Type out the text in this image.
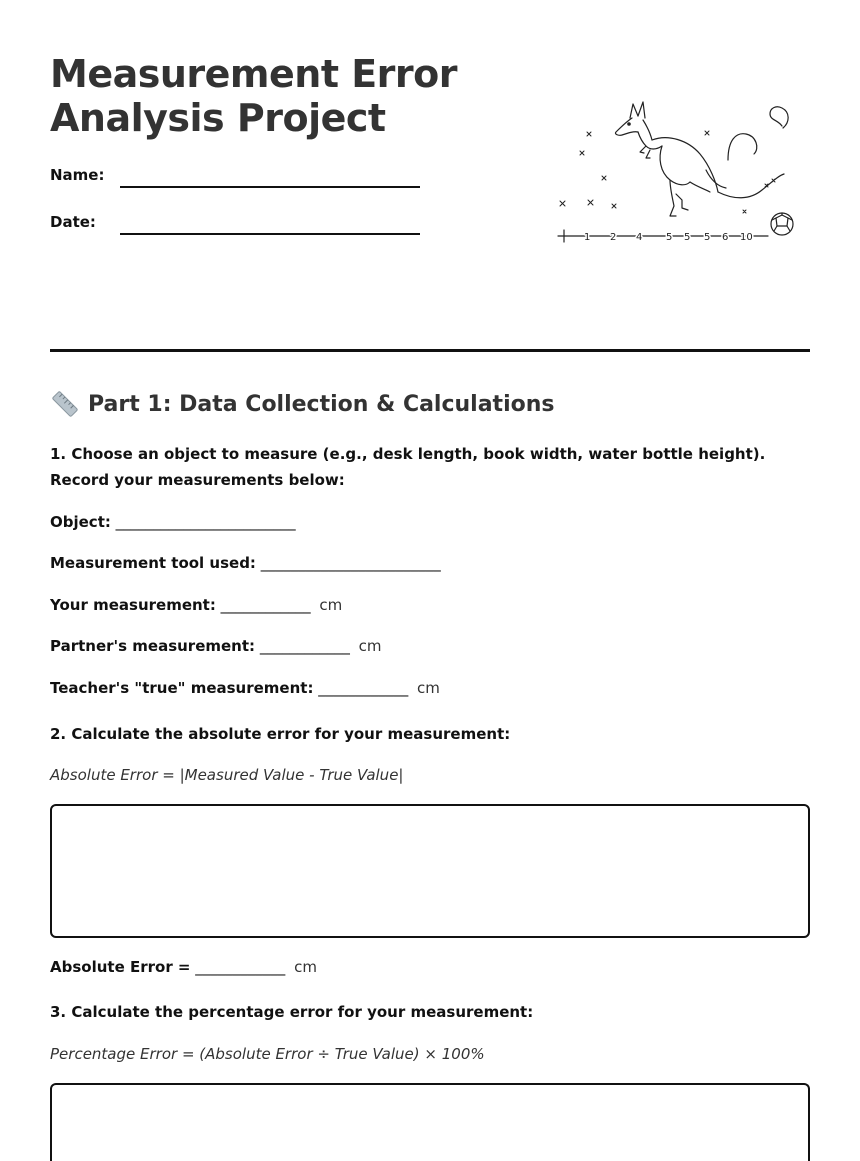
Measurement Error
Analysis Project
Name:
Date:
1 2 4 5 5 5 6 10
Part 1: Data Collection & Calculations

1. Choose an object to measure (e.g., desk length, book width, water bottle height). Record your measurements below:

Object: ________________________
Measurement tool used: ________________________
Your measurement: ____________ cm
Partner's measurement: ____________ cm
Teacher's "true" measurement: ____________ cm

2. Calculate the absolute error for your measurement:

Absolute Error = |Measured Value - True Value|
Absolute Error = ____________ cm

3. Calculate the percentage error for your measurement:

Percentage Error = (Absolute Error ÷ True Value) × 100%
